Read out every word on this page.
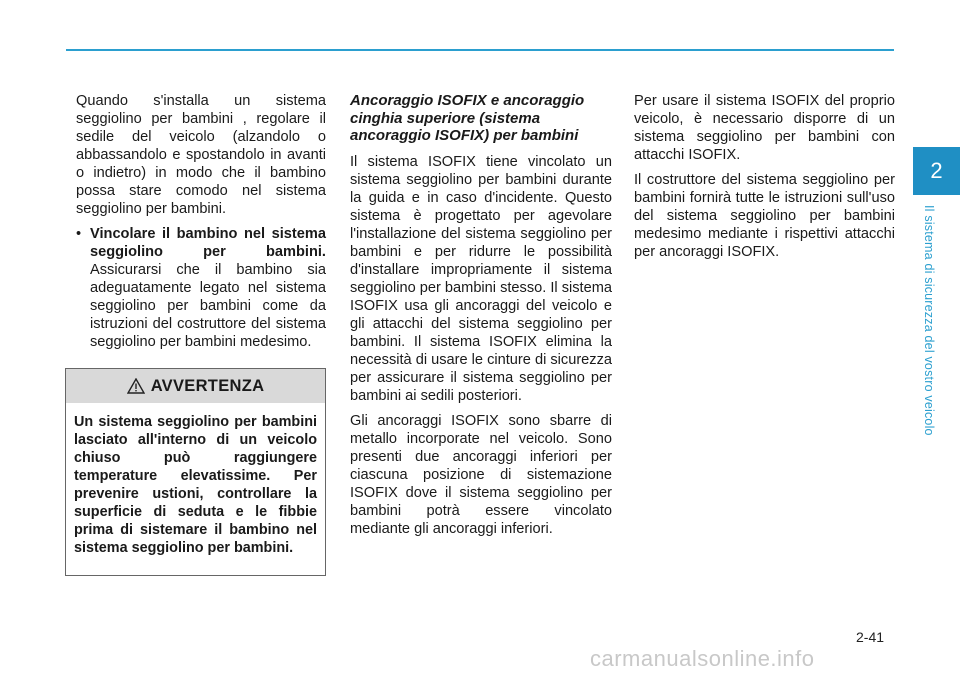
2
Il sistema di sicurezza del vostro veicolo

Quando s'installa un sistema seggiolino per bambini , regolare il sedile del veicolo (alzandolo o abbassandolo e spostandolo in avanti o indietro) in modo che il bambino possa stare comodo nel sistema seggiolino per bambini.

• Vincolare il bambino nel sistema seggiolino per bambini. Assicurarsi che il bambino sia adeguatamente legato nel sistema seggiolino per bambini come da istruzioni del costruttore del sistema seggiolino per bambini medesimo.
AVVERTENZA
Un sistema seggiolino per bambini lasciato all'interno di un veicolo chiuso può raggiungere temperature elevatissime. Per prevenire ustioni, controllare la superficie di seduta e le fibbie prima di sistemare il bambino nel sistema seggiolino per bambini.
Ancoraggio ISOFIX e ancoraggio cinghia superiore (sistema ancoraggio ISOFIX) per bambini

Il sistema ISOFIX tiene vincolato un sistema seggiolino per bambini durante la guida e in caso d'incidente. Questo sistema è progettato per agevolare l'installazione del sistema seggiolino per bambini e per ridurre le possibilità d'installare impropriamente il sistema seggiolino per bambini stesso. Il sistema ISOFIX usa gli ancoraggi del veicolo e gli attacchi del sistema seggiolino per bambini. Il sistema ISOFIX elimina la necessità di usare le cinture di sicurezza per assicurare il sistema seggiolino per bambini ai sedili posteriori.

Gli ancoraggi ISOFIX sono sbarre di metallo incorporate nel veicolo. Sono presenti due ancoraggi inferiori per ciascuna posizione di sistemazione ISOFIX dove il sistema seggiolino per bambini potrà essere vincolato mediante gli ancoraggi inferiori.

Per usare il sistema ISOFIX del proprio veicolo, è necessario disporre di un sistema seggiolino per bambini con attacchi ISOFIX.

Il costruttore del sistema seggiolino per bambini fornirà tutte le istruzioni sull'uso del sistema seggiolino per bambini medesimo mediante i rispettivi attacchi per ancoraggi ISOFIX.

2-41
carmanualsonline.info
